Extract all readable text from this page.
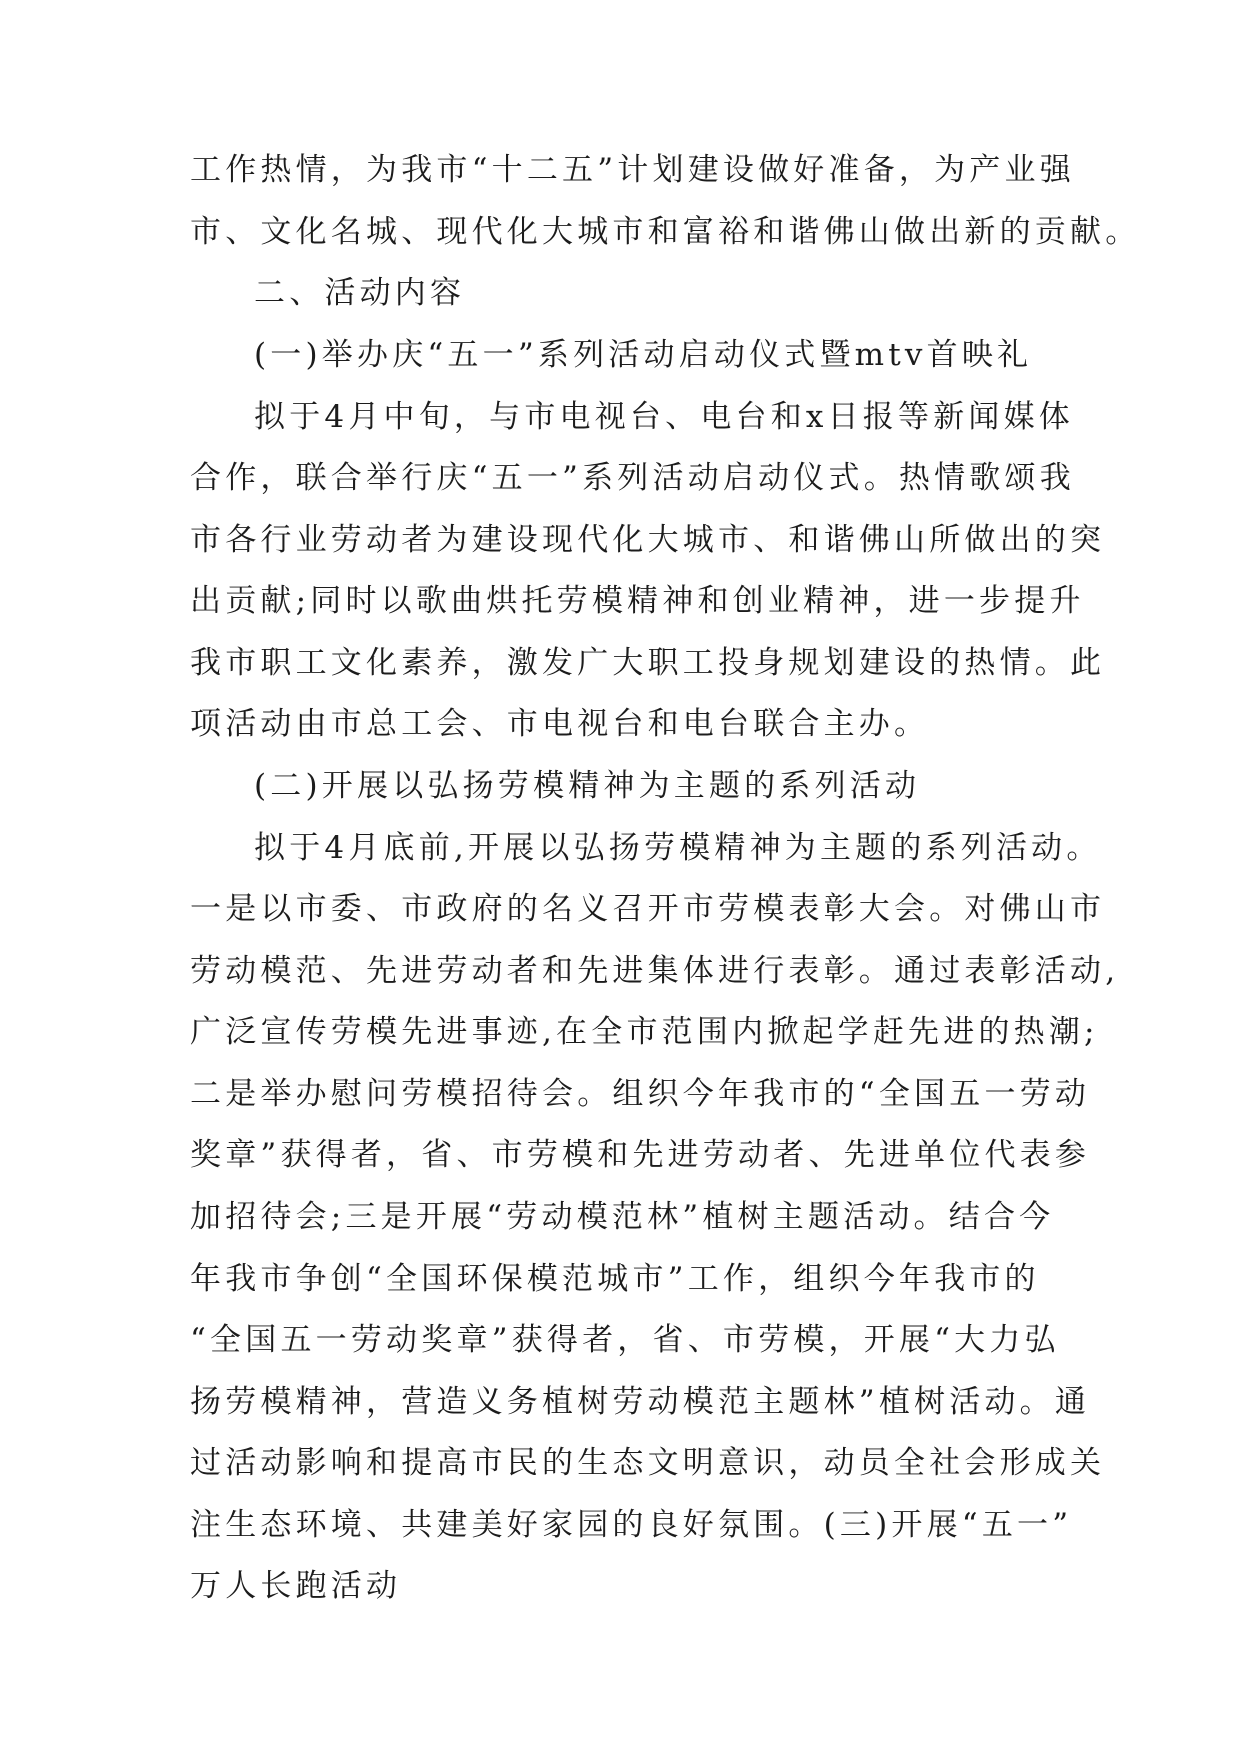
工作热情，为我市“十二五”计划建设做好准备，为产业强
市、文化名城、现代化大城市和富裕和谐佛山做出新的贡献。
二、活动内容
(一)举办庆“五一”系列活动启动仪式暨mtv首映礼
拟于4月中旬，与市电视台、电台和x日报等新闻媒体
合作，联合举行庆“五一”系列活动启动仪式。热情歌颂我
市各行业劳动者为建设现代化大城市、和谐佛山所做出的突
出贡献;同时以歌曲烘托劳模精神和创业精神，进一步提升
我市职工文化素养，激发广大职工投身规划建设的热情。此
项活动由市总工会、市电视台和电台联合主办。
(二)开展以弘扬劳模精神为主题的系列活动
拟于4月底前,开展以弘扬劳模精神为主题的系列活动。
一是以市委、市政府的名义召开市劳模表彰大会。对佛山市
劳动模范、先进劳动者和先进集体进行表彰。通过表彰活动,
广泛宣传劳模先进事迹,在全市范围内掀起学赶先进的热潮;
二是举办慰问劳模招待会。组织今年我市的“全国五一劳动
奖章”获得者，省、市劳模和先进劳动者、先进单位代表参
加招待会;三是开展“劳动模范林”植树主题活动。结合今
年我市争创“全国环保模范城市”工作，组织今年我市的
“全国五一劳动奖章”获得者，省、市劳模，开展“大力弘
扬劳模精神，营造义务植树劳动模范主题林”植树活动。通
过活动影响和提高市民的生态文明意识，动员全社会形成关
注生态环境、共建美好家园的良好氛围。(三)开展“五一”
万人长跑活动
